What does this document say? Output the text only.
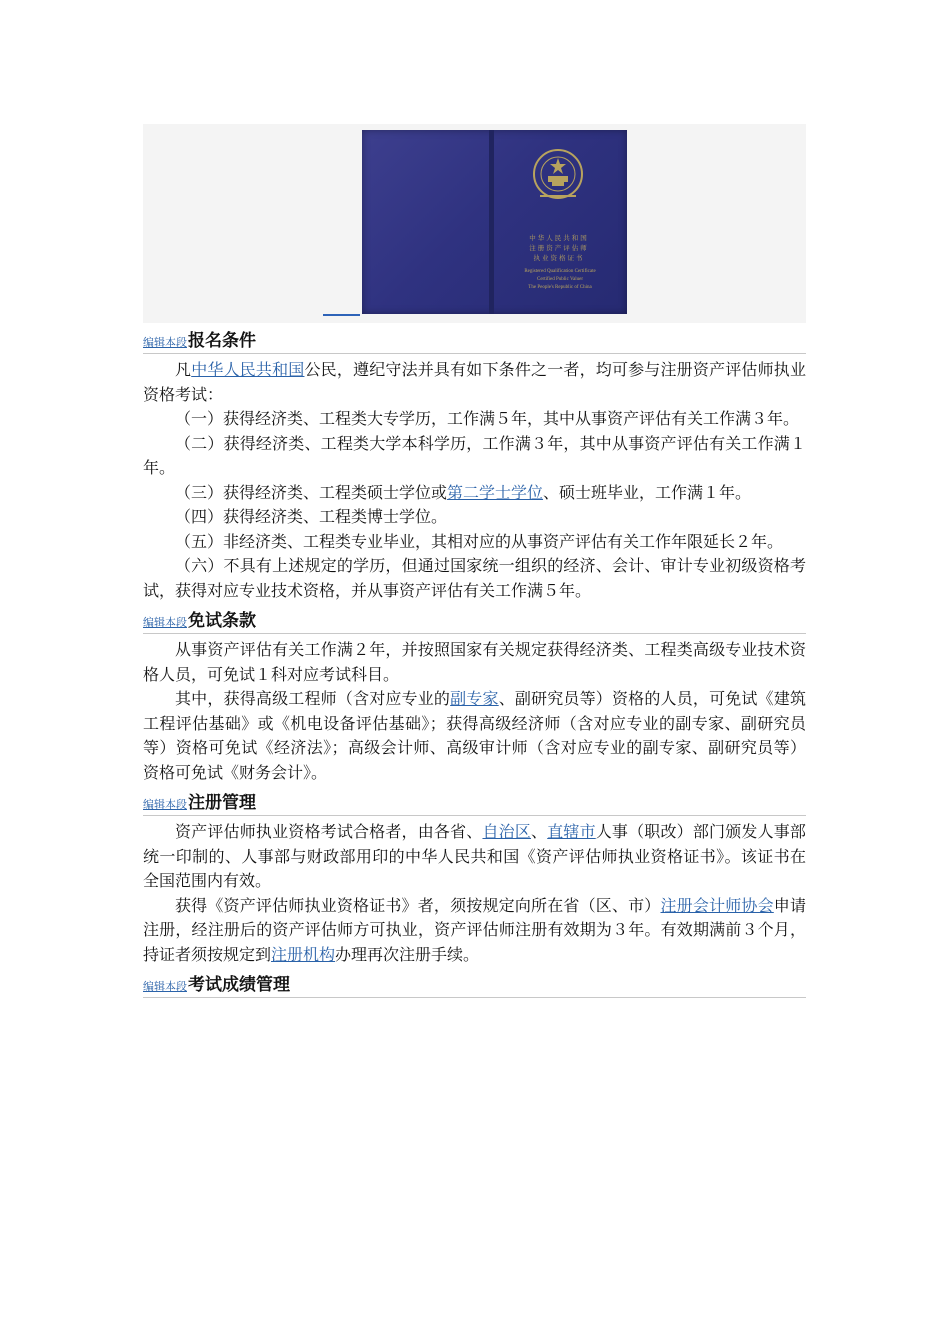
中华人民共和国
注册资产评估师
执业资格证书
Registered Qualification Certificate
Certified Public Valuer
The People's Republic of China
编辑本段 报名条件

凡中华人民共和国公民，遵纪守法并具有如下条件之一者，均可参与注册资产评估师执业资格考试：

（一）获得经济类、工程类大专学历，工作满５年，其中从事资产评估有关工作满３年。

（二）获得经济类、工程类大学本科学历，工作满３年，其中从事资产评估有关工作满１年。

（三）获得经济类、工程类硕士学位或第二学士学位、硕士班毕业，工作满１年。

（四）获得经济类、工程类博士学位。

（五）非经济类、工程类专业毕业，其相对应的从事资产评估有关工作年限延长２年。

（六）不具有上述规定的学历，但通过国家统一组织的经济、会计、审计专业初级资格考试，获得对应专业技术资格，并从事资产评估有关工作满５年。

编辑本段 免试条款

从事资产评估有关工作满２年，并按照国家有关规定获得经济类、工程类高级专业技术资格人员，可免试１科对应考试科目。

其中，获得高级工程师（含对应专业的副专家、副研究员等）资格的人员，可免试《建筑工程评估基础》或《机电设备评估基础》；获得高级经济师（含对应专业的副专家、副研究员等）资格可免试《经济法》；高级会计师、高级审计师（含对应专业的副专家、副研究员等）资格可免试《财务会计》。

编辑本段 注册管理

资产评估师执业资格考试合格者，由各省、自治区、直辖市人事（职改）部门颁发人事部统一印制的、人事部与财政部用印的中华人民共和国《资产评估师执业资格证书》。该证书在全国范围内有效。

获得《资产评估师执业资格证书》者，须按规定向所在省（区、市）注册会计师协会申请注册，经注册后的资产评估师方可执业，资产评估师注册有效期为３年。有效期满前３个月，持证者须按规定到注册机构办理再次注册手续。

编辑本段 考试成绩管理
